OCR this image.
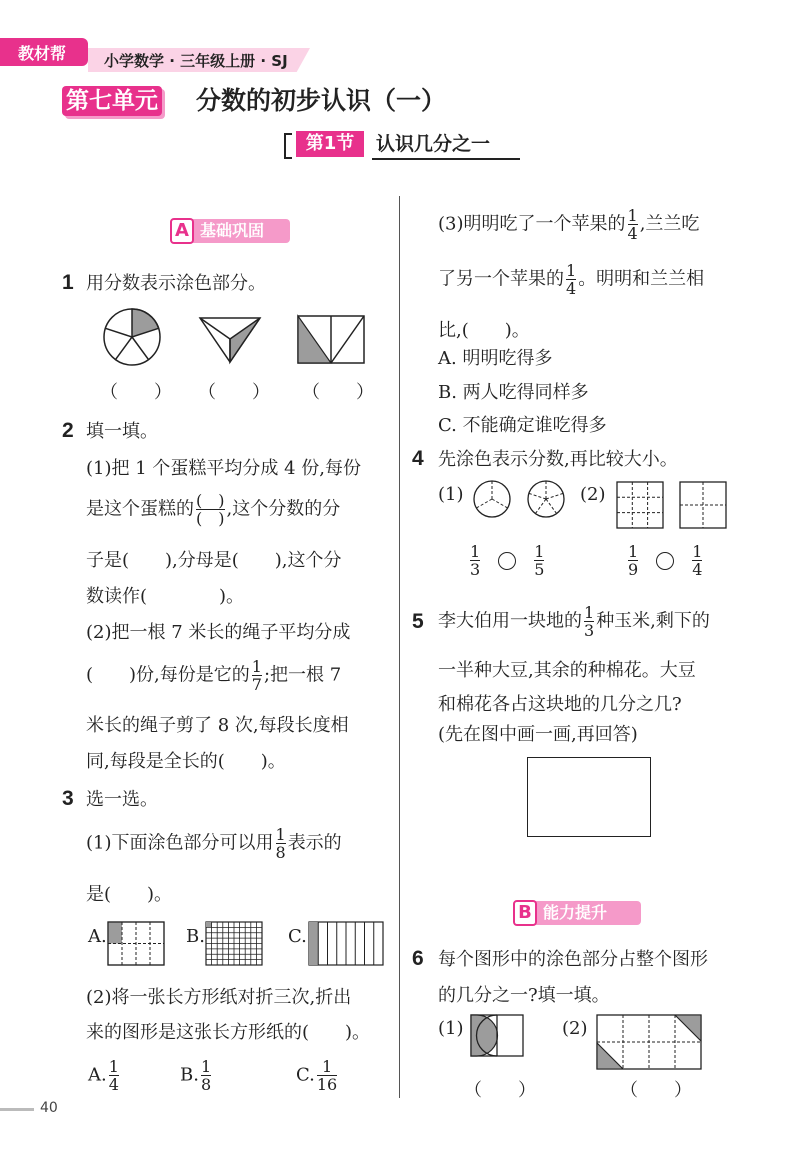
教材帮	小学数学 · 三年级上册 · SJ
第七单元 分数的初步认识（一）
第1节	认识几分之一
A 基础巩固
1 用分数表示涂色部分。
（　　） （　　） （　　）
2 填一填。
(1)把 1 个蛋糕平均分成 4 份,每份
是这个蛋糕的 $\frac{( )}{( )}$ ,这个分数的分
子是(　　),分母是(　　),这个分
数读作(　　　　)。
(2)把一根 7 米长的绳子平均分成
(　　)份,每份是它的 $\frac{1}{7}$ ;把一根 7
米长的绳子剪了 8 次,每段长度相
同,每段是全长的(　　)。
3 选一选。
(1)下面涂色部分可以用 $\frac{1}{8}$ 表示的
是(　　)。
A.	B.	C.
(2)将一张长方形纸对折三次,折出
来的图形是这张长方形纸的(　　)。
A. $\frac{1}{4}$	B. $\frac{1}{8}$	C. $\frac{1}{16}$
(3)明明吃了一个苹果的 $\frac{1}{4}$ ,兰兰吃
了另一个苹果的 $\frac{1}{4}$ 。明明和兰兰相
比,(　　)。
A. 明明吃得多
B. 两人吃得同样多
C. 不能确定谁吃得多
4 先涂色表示分数,再比较大小。
(1)	(2)
$\frac{1}{3}$	$\frac{1}{5}$	$\frac{1}{9}$	$\frac{1}{4}$
5 李大伯用一块地的 $\frac{1}{3}$ 种玉米,剩下的
一半种大豆,其余的种棉花。大豆
和棉花各占这块地的几分之几?
(先在图中画一画,再回答)
B 能力提升
6 每个图形中的涂色部分占整个图形
的几分之一?填一填。
(1)	(2)
（　　）	（　　）
40
